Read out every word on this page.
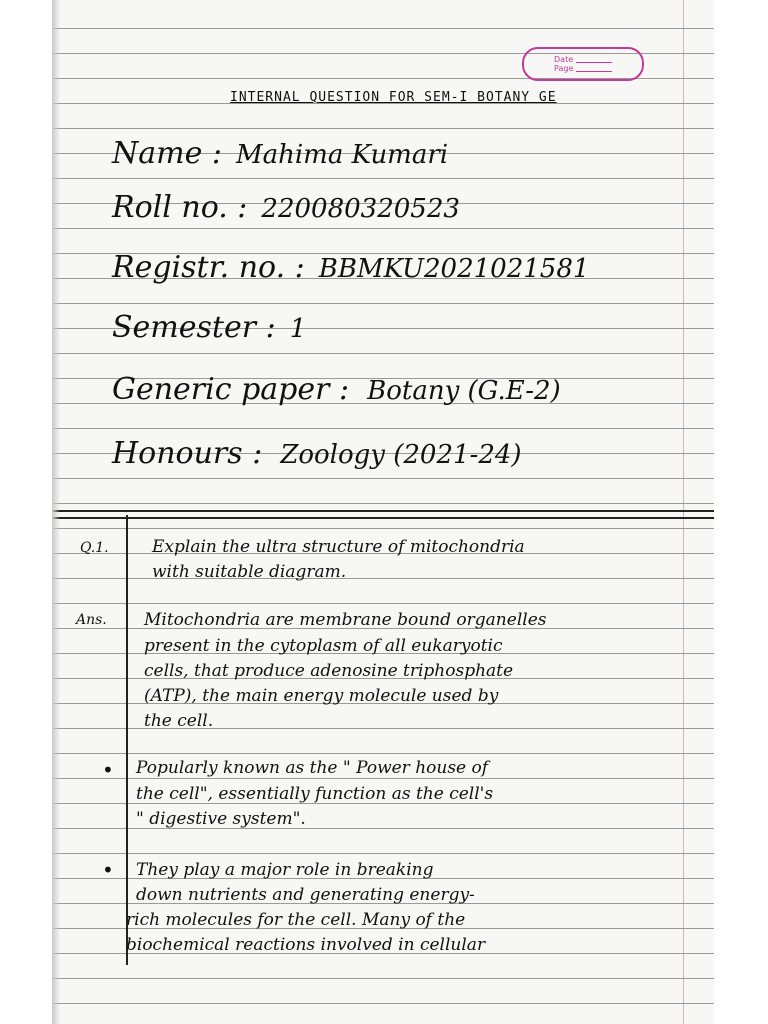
Date
Page
INTERNAL QUESTION FOR SEM-I BOTANY GE
Name : Mahima Kumari
Roll no. : 220080320523
Registr. no. : BBMKU2021021581
Semester : 1
Generic paper : Botany (G.E-2)
Honours : Zoology (2021-24)
Q.1.	Explain the ultra structure of mitochondria
with suitable diagram.
Ans. Mitochondria are membrane bound organelles
present in the cytoplasm of all eukaryotic
cells, that produce adenosine triphosphate
(ATP), the main energy molecule used by
the cell.
• Popularly known as the " Power house of
the cell", essentially function as the cell's
" digestive system".
• They play a major role in breaking
down nutrients and generating energy-
rich molecules for the cell. Many of the
biochemical reactions involved in cellular
